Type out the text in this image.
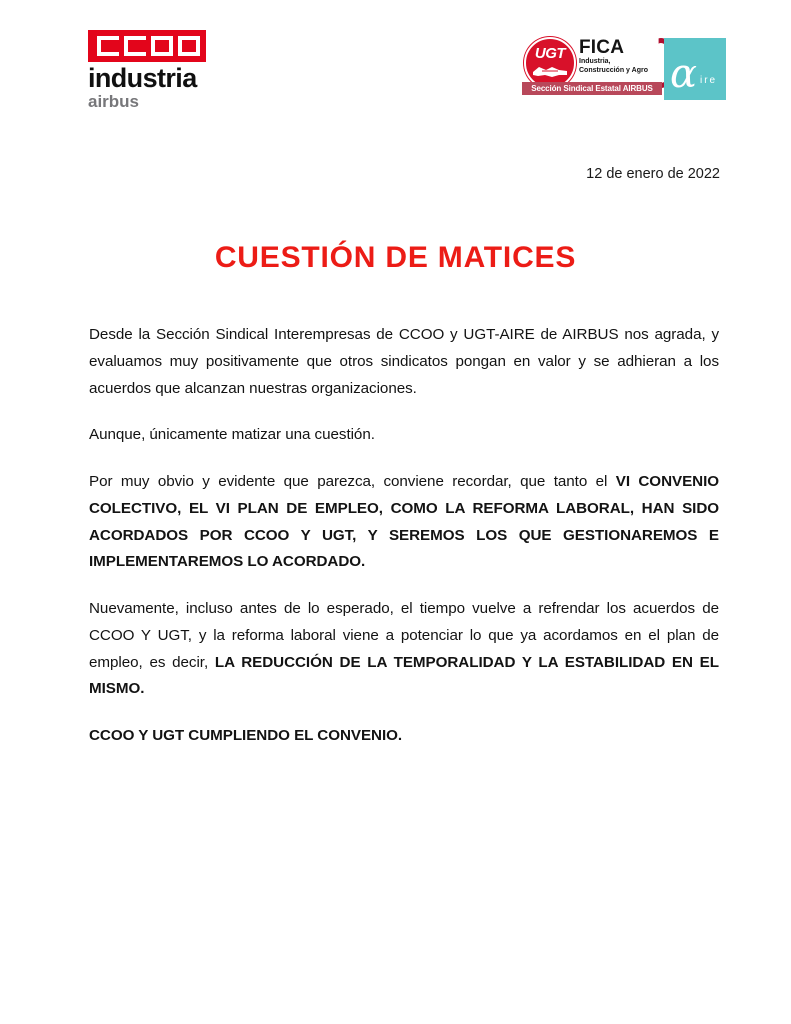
industria
airbus
UGT FICA
Industria,
Construcción y Agro
Sección Sindical Estatal AIRBUS α ire
12 de enero de 2022
CUESTIÓN DE MATICES

Desde la Sección Sindical Interempresas de CCOO y UGT-AIRE de AIRBUS nos agrada, y evaluamos muy positivamente que otros sindicatos pongan en valor y se adhieran a los acuerdos que alcanzan nuestras organizaciones.

Aunque, únicamente matizar una cuestión.

Por muy obvio y evidente que parezca, conviene recordar, que tanto el VI CONVENIO COLECTIVO, EL VI PLAN DE EMPLEO, COMO LA REFORMA LABORAL, HAN SIDO ACORDADOS POR CCOO Y UGT, Y SEREMOS LOS QUE GESTIONAREMOS E IMPLEMENTAREMOS LO ACORDADO.

Nuevamente, incluso antes de lo esperado, el tiempo vuelve a refrendar los acuerdos de CCOO Y UGT, y la reforma laboral viene a potenciar lo que ya acordamos en el plan de empleo, es decir, LA REDUCCIÓN DE LA TEMPORALIDAD Y LA ESTABILIDAD EN EL MISMO.

CCOO Y UGT CUMPLIENDO EL CONVENIO.
